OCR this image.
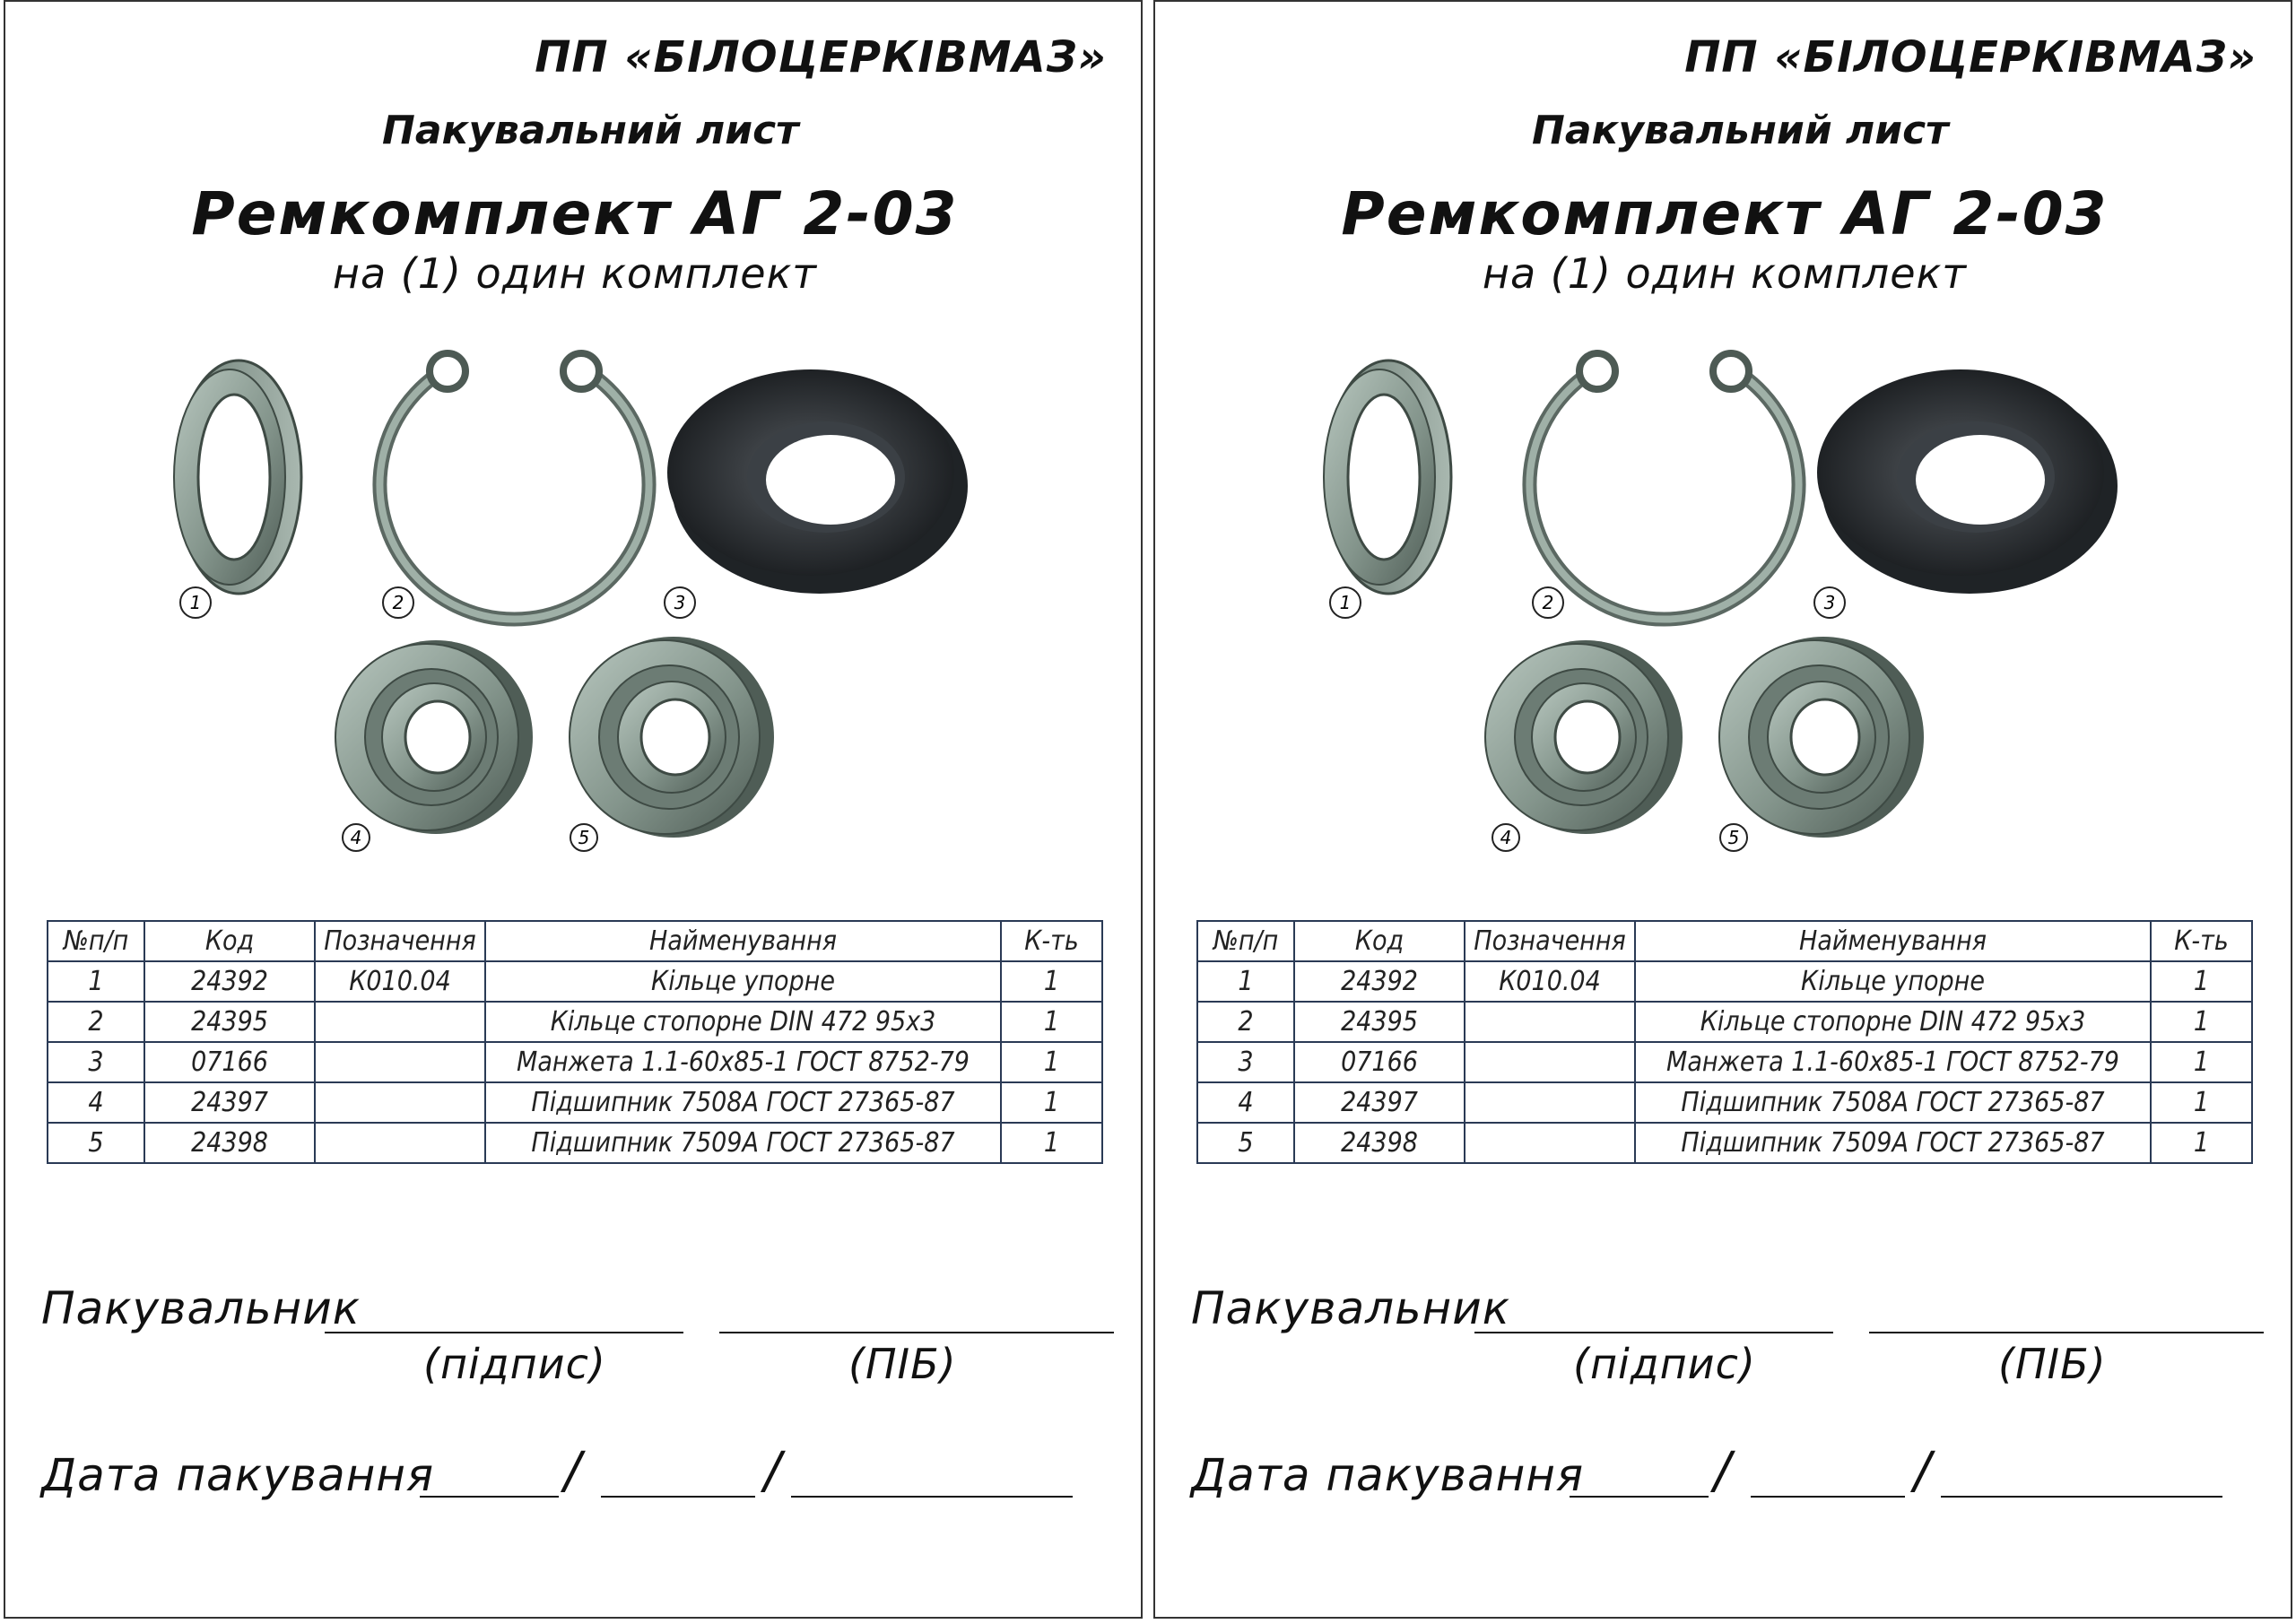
ПП «БІЛОЦЕРКІВМАЗ»
Пакувальний лист
Ремкомплект АГ 2-03
на (1) один комплект
1	2	3
4	5
№п/п	Код	Позначення	Найменування	К-ть
1	24392	К010.04	Кільце упорне	1
2	24395		Кільце стопорне DIN 472 95х3	1
3	07166		Манжета 1.1-60х85-1 ГОСТ 8752-79	1
4	24397		Підшипник 7508А ГОСТ 27365-87	1
5	24398		Підшипник 7509А ГОСТ 27365-87	1
Пакувальник
(підпис)	(ПІБ)
Дата пакування	/	/
ПП «БІЛОЦЕРКІВМАЗ»
Пакувальний лист
Ремкомплект АГ 2-03
на (1) один комплект
1	2	3
4	5
№п/п	Код	Позначення	Найменування	К-ть
1	24392	К010.04	Кільце упорне	1
2	24395		Кільце стопорне DIN 472 95х3	1
3	07166		Манжета 1.1-60х85-1 ГОСТ 8752-79	1
4	24397		Підшипник 7508А ГОСТ 27365-87	1
5	24398		Підшипник 7509А ГОСТ 27365-87	1
Пакувальник
(підпис)	(ПІБ)
Дата пакування	/	/
